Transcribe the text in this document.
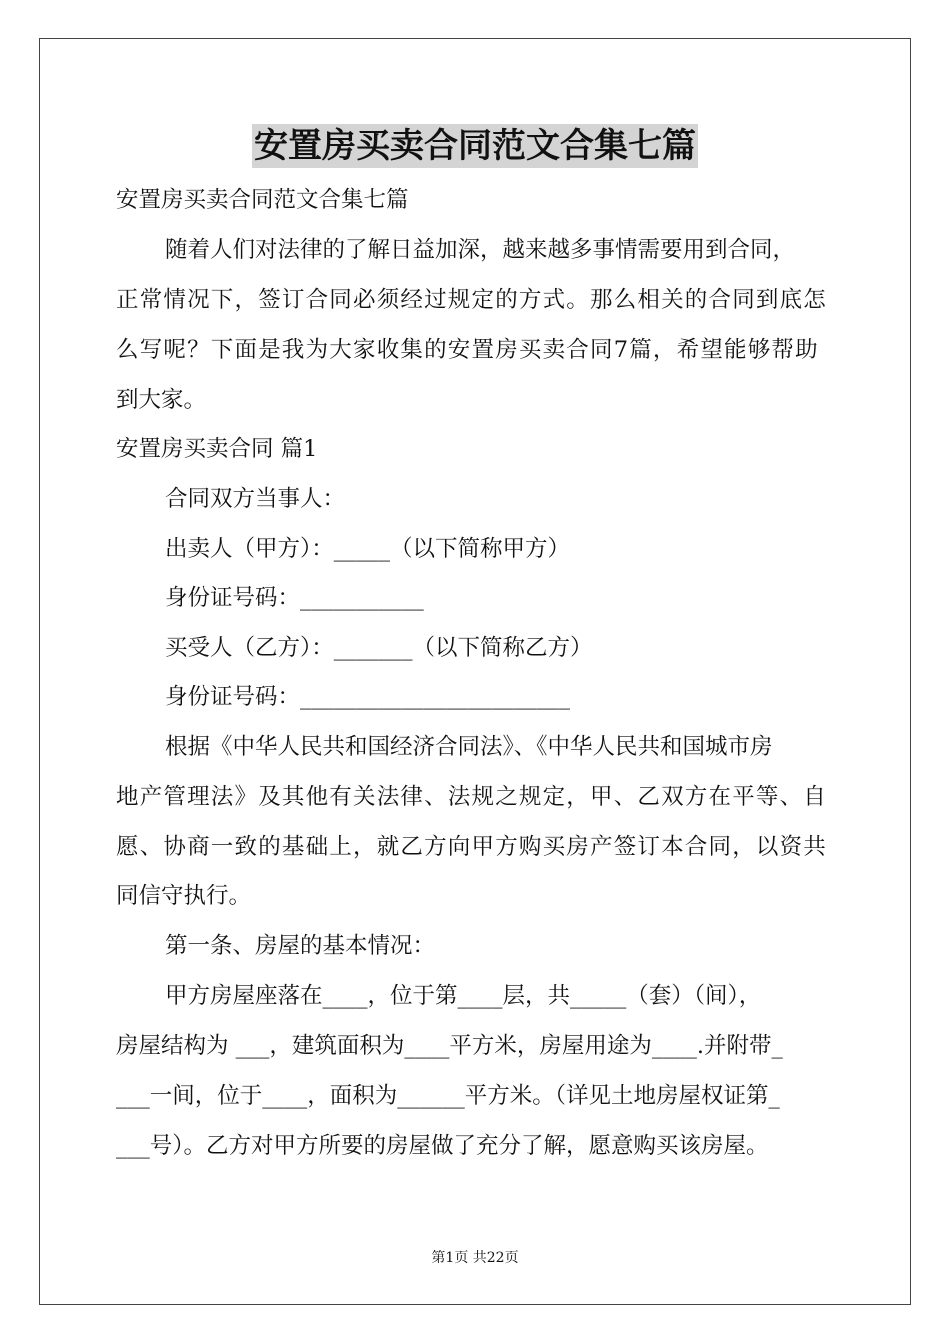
安置房买卖合同范文合集七篇
安置房买卖合同范文合集七篇
随着人们对法律的了解日益加深，越来越多事情需要用到合同，
正常情况下，签订合同必须经过规定的方式。那么相关的合同到底怎
么写呢？下面是我为大家收集的安置房买卖合同7篇，希望能够帮助
到大家。
安置房买卖合同 篇1
合同双方当事人：
出卖人（甲方）：_____（以下简称甲方）
身份证号码：___________
买受人（乙方）：_______（以下简称乙方）
身份证号码：________________________
根据《中华人民共和国经济合同法》、《中华人民共和国城市房
地产管理法》及其他有关法律、法规之规定，甲、乙双方在平等、自
愿、协商一致的基础上，就乙方向甲方购买房产签订本合同，以资共
同信守执行。
第一条、房屋的基本情况：
甲方房屋座落在____，位于第____层，共_____（套）（间），
房屋结构为 ___，建筑面积为____平方米，房屋用途为____.并附带_
___一间，位于____，面积为______平方米。（详见土地房屋权证第_
___号）。乙方对甲方所要的房屋做了充分了解，愿意购买该房屋。
第1页 共22页
